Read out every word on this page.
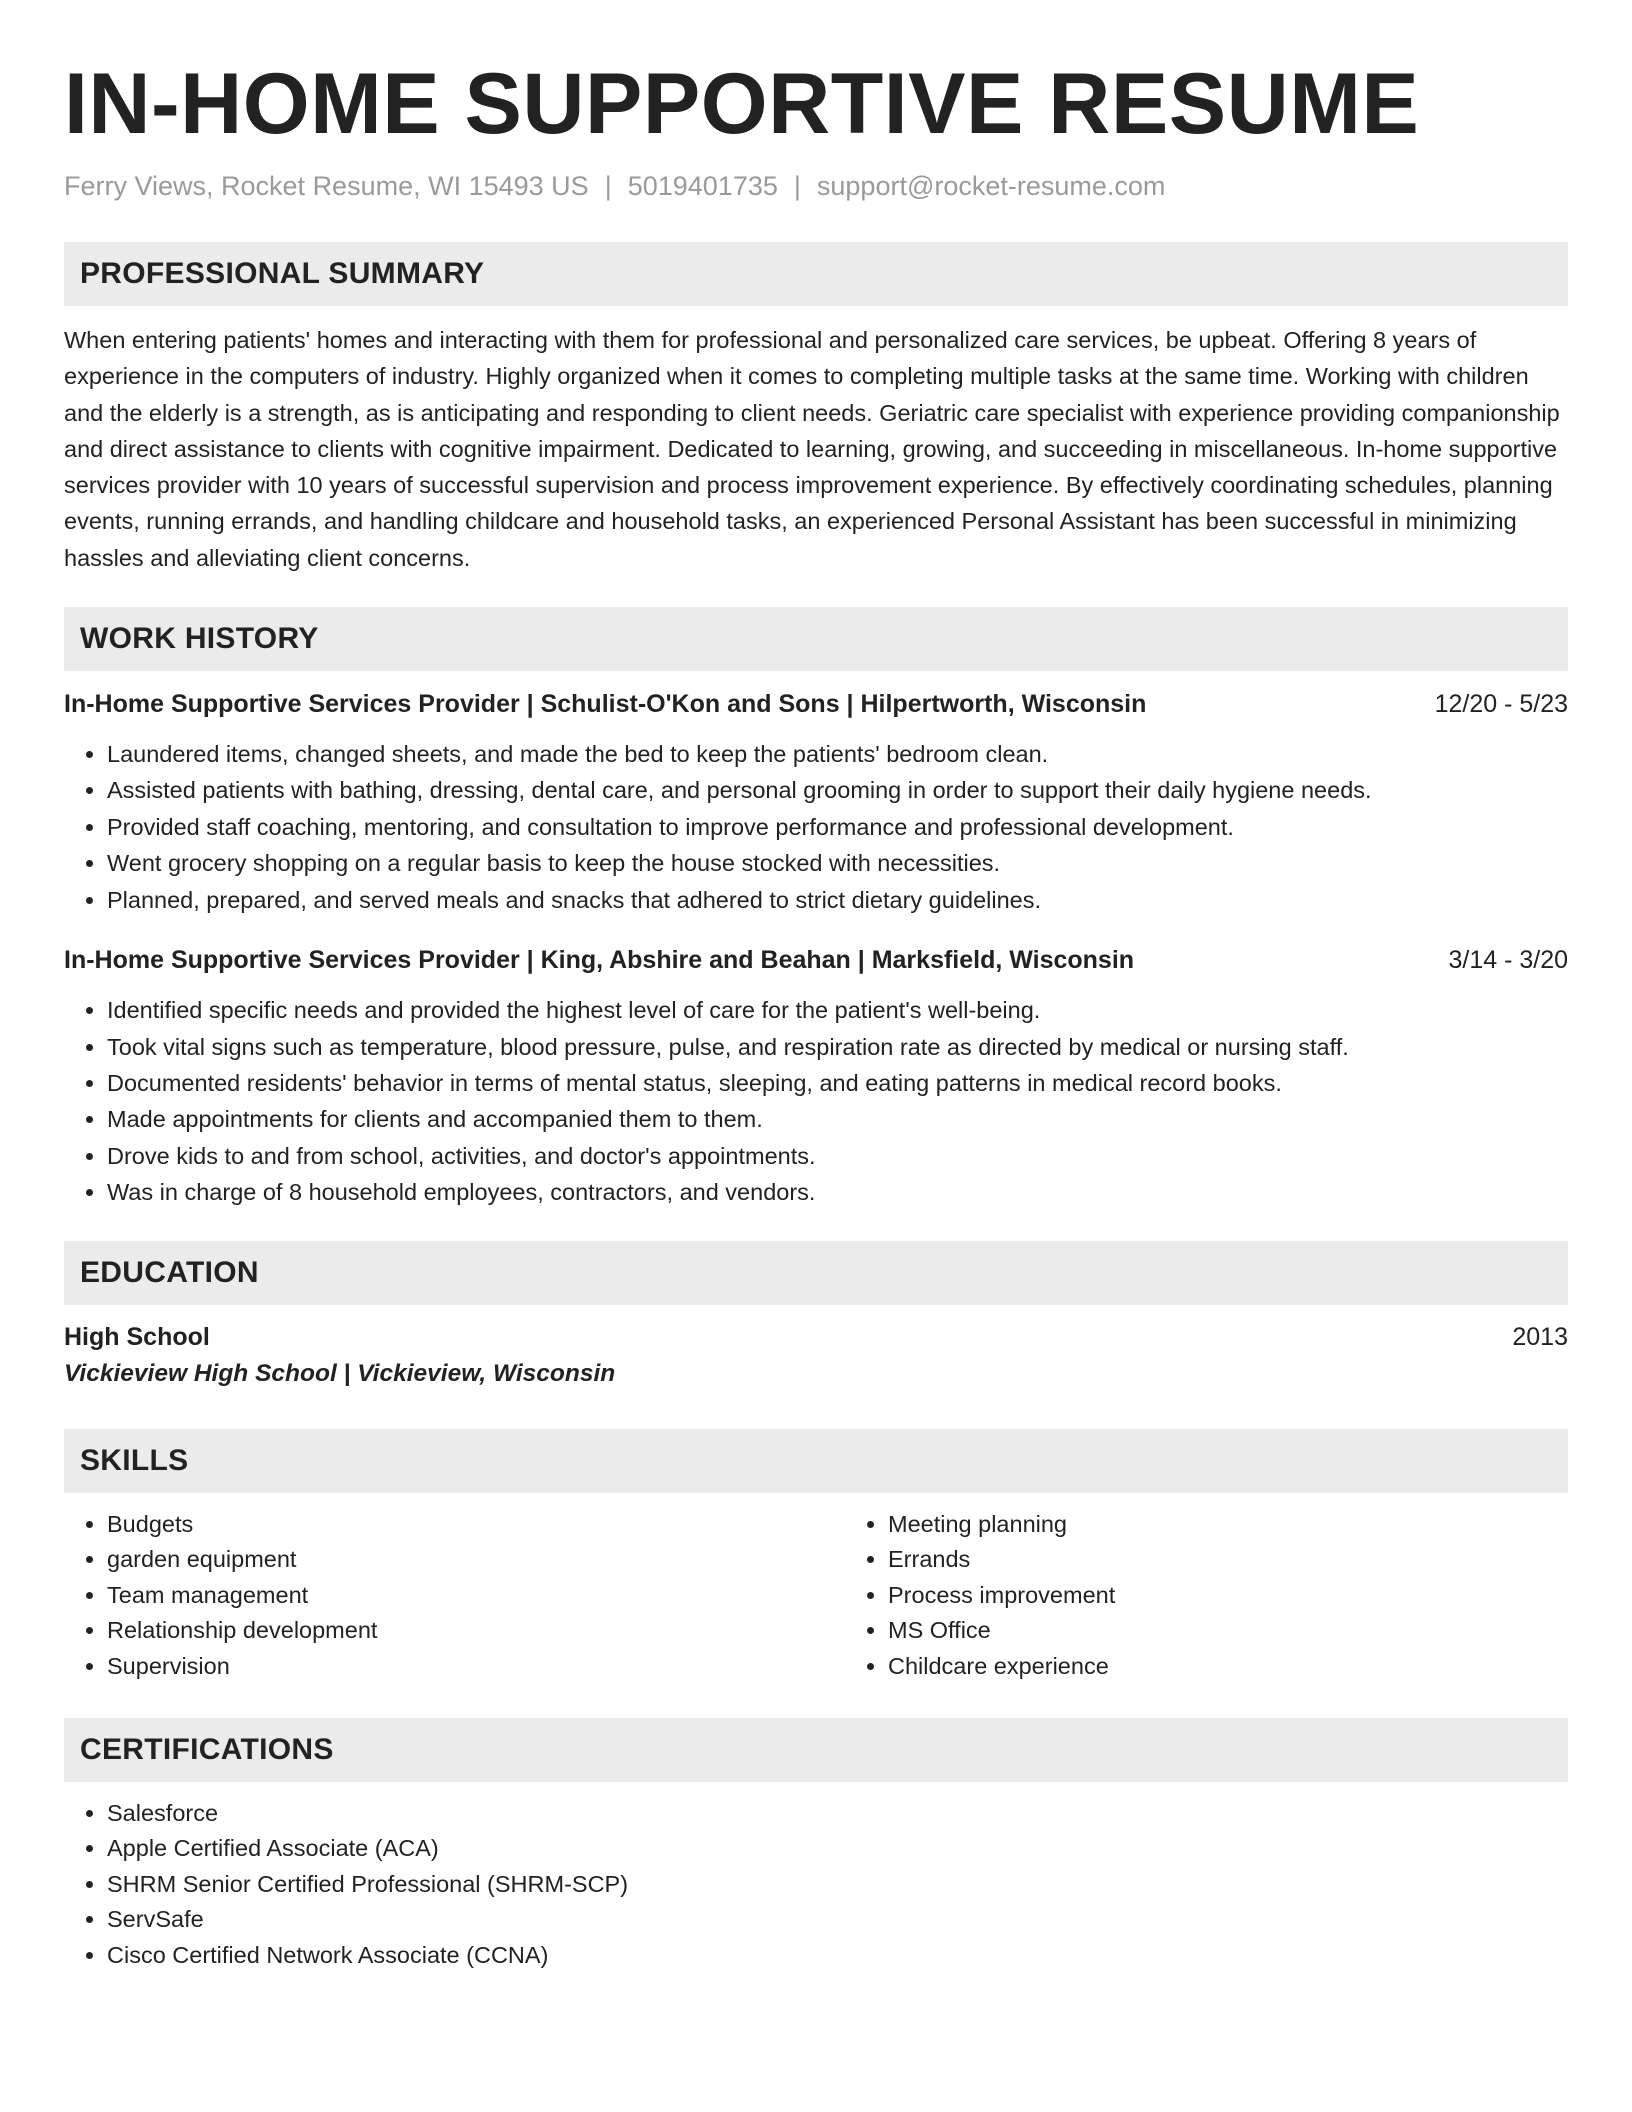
IN-HOME SUPPORTIVE RESUME
Ferry Views, Rocket Resume, WI 15493 US | 5019401735 | support@rocket-resume.com
PROFESSIONAL SUMMARY
When entering patients' homes and interacting with them for professional and personalized care services, be upbeat. Offering 8 years of experience in the computers of industry. Highly organized when it comes to completing multiple tasks at the same time. Working with children and the elderly is a strength, as is anticipating and responding to client needs. Geriatric care specialist with experience providing companionship and direct assistance to clients with cognitive impairment. Dedicated to learning, growing, and succeeding in miscellaneous. In-home supportive services provider with 10 years of successful supervision and process improvement experience. By effectively coordinating schedules, planning events, running errands, and handling childcare and household tasks, an experienced Personal Assistant has been successful in minimizing hassles and alleviating client concerns.
WORK HISTORY
In-Home Supportive Services Provider | Schulist-O'Kon and Sons | Hilpertworth, Wisconsin	12/20 - 5/23
• Laundered items, changed sheets, and made the bed to keep the patients' bedroom clean.
• Assisted patients with bathing, dressing, dental care, and personal grooming in order to support their daily hygiene needs.
• Provided staff coaching, mentoring, and consultation to improve performance and professional development.
• Went grocery shopping on a regular basis to keep the house stocked with necessities.
• Planned, prepared, and served meals and snacks that adhered to strict dietary guidelines.
In-Home Supportive Services Provider | King, Abshire and Beahan | Marksfield, Wisconsin	3/14 - 3/20
• Identified specific needs and provided the highest level of care for the patient's well-being.
• Took vital signs such as temperature, blood pressure, pulse, and respiration rate as directed by medical or nursing staff.
• Documented residents' behavior in terms of mental status, sleeping, and eating patterns in medical record books.
• Made appointments for clients and accompanied them to them.
• Drove kids to and from school, activities, and doctor's appointments.
• Was in charge of 8 household employees, contractors, and vendors.
EDUCATION
High School	2013
Vickieview High School | Vickieview, Wisconsin
SKILLS
• Budgets
• garden equipment
• Team management
• Relationship development
• Supervision
• Meeting planning
• Errands
• Process improvement
• MS Office
• Childcare experience
CERTIFICATIONS
• Salesforce
• Apple Certified Associate (ACA)
• SHRM Senior Certified Professional (SHRM-SCP)
• ServSafe
• Cisco Certified Network Associate (CCNA)
